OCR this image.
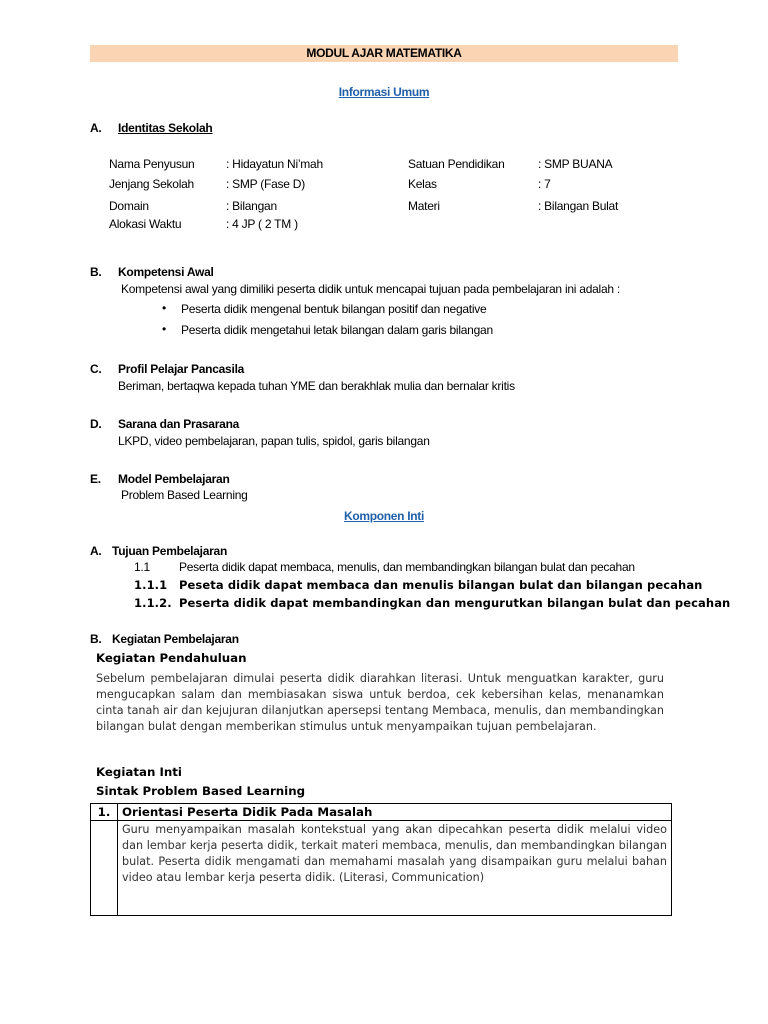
MODUL AJAR MATEMATIKA
Informasi Umum
A. Identitas Sekolah
Nama Penyusun	: Hidayatun Ni’mah	Satuan Pendidikan	: SMP BUANA
Jenjang Sekolah	: SMP (Fase D)	Kelas	: 7
Domain	: Bilangan	Materi	: Bilangan Bulat
Alokasi Waktu	: 4 JP ( 2 TM )
B. Kompetensi Awal
Kompetensi awal yang dimiliki peserta didik untuk mencapai tujuan pada pembelajaran ini adalah :
• Peserta didik mengenal bentuk bilangan positif dan negative
• Peserta didik mengetahui letak bilangan dalam garis bilangan
C. Profil Pelajar Pancasila
Beriman, bertaqwa kepada tuhan YME dan berakhlak mulia dan bernalar kritis
D. Sarana dan Prasarana
LKPD, video pembelajaran, papan tulis, spidol, garis bilangan
E. Model Pembelajaran
Problem Based Learning
Komponen Inti
A. Tujuan Pembelajaran
1.1 Peserta didik dapat membaca, menulis, dan membandingkan bilangan bulat dan pecahan
1.1.1 Peseta didik dapat membaca dan menulis bilangan bulat dan bilangan pecahan
1.1.2. Peserta didik dapat membandingkan dan mengurutkan bilangan bulat dan pecahan
B. Kegiatan Pembelajaran
Kegiatan Pendahuluan
Sebelum pembelajaran dimulai peserta didik diarahkan literasi. Untuk menguatkan karakter, guru mengucapkan salam dan membiasakan siswa untuk berdoa, cek kebersihan kelas, menanamkan cinta tanah air dan kejujuran dilanjutkan apersepsi tentang Membaca, menulis, dan membandingkan bilangan bulat dengan memberikan stimulus untuk menyampaikan tujuan pembelajaran.
Kegiatan Inti
Sintak Problem Based Learning
1.	Orientasi Peserta Didik Pada Masalah
	Guru menyampaikan masalah kontekstual yang akan dipecahkan peserta didik melalui video dan lembar kerja peserta didik, terkait materi membaca, menulis, dan membandingkan bilangan bulat. Peserta didik mengamati dan memahami masalah yang disampaikan guru melalui bahan video atau lembar kerja peserta didik. (Literasi, Communication)
